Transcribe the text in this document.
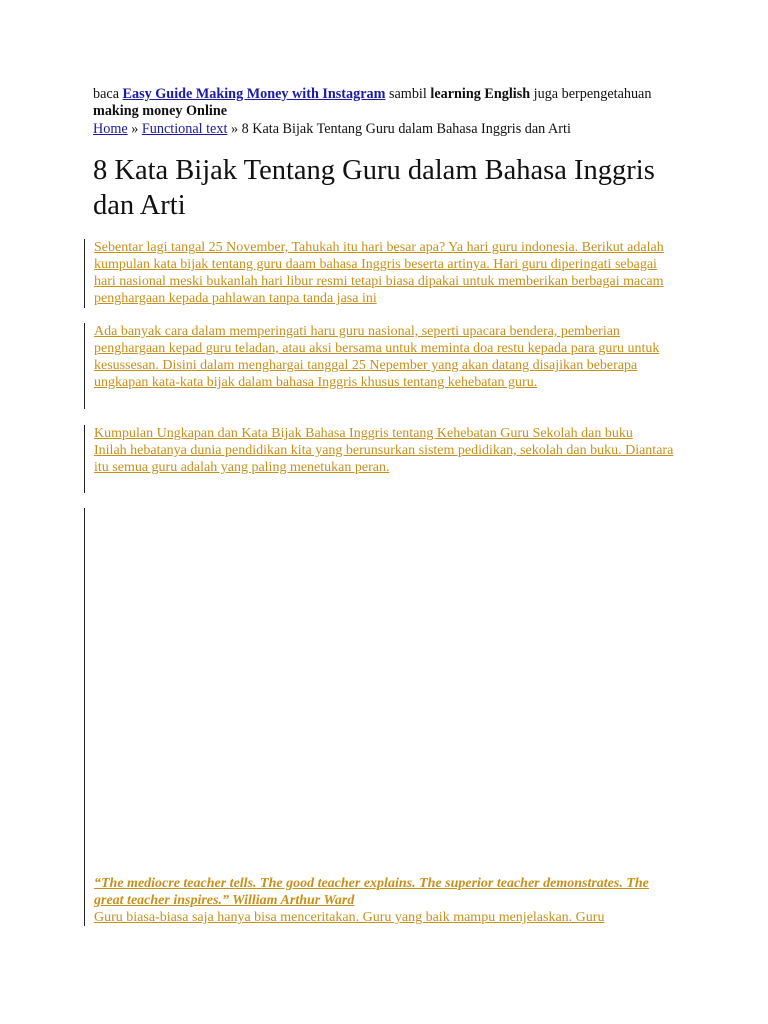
baca Easy Guide Making Money with Instagram sambil learning English juga berpengetahuan making money Online
Home » Functional text » 8 Kata Bijak Tentang Guru dalam Bahasa Inggris dan Arti
8 Kata Bijak Tentang Guru dalam Bahasa Inggris dan Arti

Sebentar lagi tangal 25 November, Tahukah itu hari besar apa? Ya hari guru indonesia. Berikut adalah kumpulan kata bijak tentang guru daam bahasa Inggris beserta artinya. Hari guru diperingati sebagai hari nasional meski bukanlah hari libur resmi tetapi biasa dipakai untuk memberikan berbagai macam penghargaan kepada pahlawan tanpa tanda jasa ini

Ada banyak cara dalam memperingati haru guru nasional, seperti upacara bendera, pemberian penghargaan kepad guru teladan, atau aksi bersama untuk meminta doa restu kepada para guru untuk kesussesan. Disini dalam menghargai tanggal 25 Nepember yang akan datang disajikan beberapa ungkapan kata-kata bijak dalam bahasa Inggris khusus tentang kehebatan guru.

Kumpulan Ungkapan dan Kata Bijak Bahasa Inggris tentang Kehebatan Guru Sekolah dan buku

Inilah hebatanya dunia pendidikan kita yang berunsurkan sistem pedidikan, sekolah dan buku. Diantara itu semua guru adalah yang paling menetukan peran.

“The mediocre teacher tells. The good teacher explains. The superior teacher demonstrates. The great teacher inspires.” William Arthur Ward

Guru biasa-biasa saja hanya bisa menceritakan. Guru yang baik mampu menjelaskan. Guru
